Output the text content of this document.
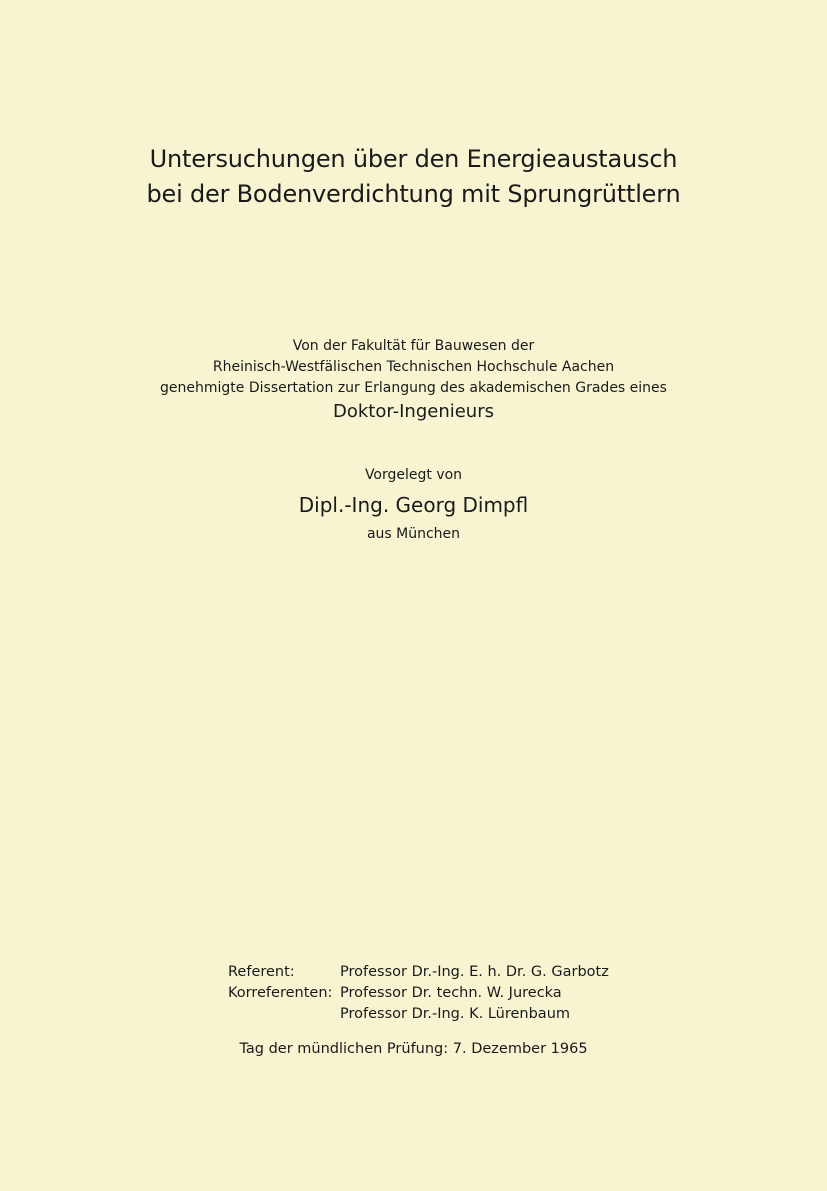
Untersuchungen über den Energieaustausch
bei der Bodenverdichtung mit Sprungrüttlern
Von der Fakultät für Bauwesen der
Rheinisch-Westfälischen Technischen Hochschule Aachen
genehmigte Dissertation zur Erlangung des akademischen Grades eines
Doktor-Ingenieurs
Vorgelegt von
Dipl.-Ing. Georg Dimpfl
aus München
Referent:	Professor Dr.-Ing. E. h. Dr. G. Garbotz
Korreferenten: Professor Dr. techn. W. Jurecka
Professor Dr.-Ing. K. Lürenbaum
Tag der mündlichen Prüfung: 7. Dezember 1965
